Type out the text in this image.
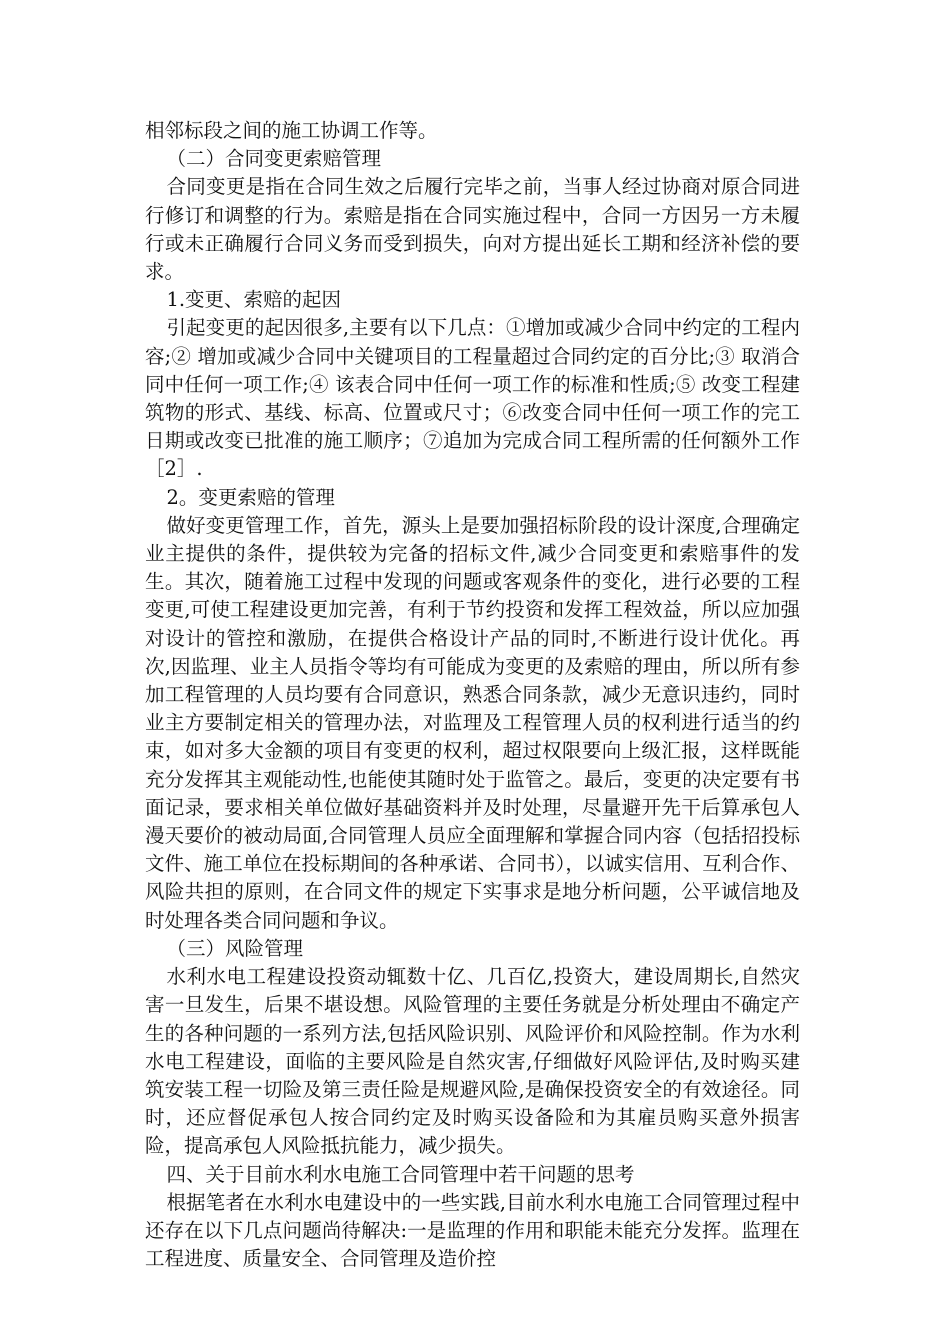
相邻标段之间的施工协调工作等。

（二）合同变更索赔管理

合同变更是指在合同生效之后履行完毕之前，当事人经过协商对原合同进行修订和调整的行为。索赔是指在合同实施过程中，合同一方因另一方未履行或未正确履行合同义务而受到损失，向对方提出延长工期和经济补偿的要求。

1.变更、索赔的起因

引起变更的起因很多,主要有以下几点：①增加或减少合同中约定的工程内容;② 增加或减少合同中关键项目的工程量超过合同约定的百分比;③ 取消合同中任何一项工作;④ 该表合同中任何一项工作的标准和性质;⑤ 改变工程建筑物的形式、基线、标高、位置或尺寸；⑥改变合同中任何一项工作的完工日期或改变已批准的施工顺序；⑦追加为完成合同工程所需的任何额外工作［2］.

2。变更索赔的管理

做好变更管理工作，首先，源头上是要加强招标阶段的设计深度,合理确定业主提供的条件，提供较为完备的招标文件,减少合同变更和索赔事件的发生。其次，随着施工过程中发现的问题或客观条件的变化，进行必要的工程变更,可使工程建设更加完善，有利于节约投资和发挥工程效益，所以应加强对设计的管控和激励，在提供合格设计产品的同时,不断进行设计优化。再次,因监理、业主人员指令等均有可能成为变更的及索赔的理由，所以所有参加工程管理的人员均要有合同意识，熟悉合同条款，减少无意识违约，同时业主方要制定相关的管理办法，对监理及工程管理人员的权利进行适当的约束，如对多大金额的项目有变更的权利，超过权限要向上级汇报，这样既能充分发挥其主观能动性,也能使其随时处于监管之。最后，变更的决定要有书面记录，要求相关单位做好基础资料并及时处理，尽量避开先干后算承包人漫天要价的被动局面,合同管理人员应全面理解和掌握合同内容（包括招投标文件、施工单位在投标期间的各种承诺、合同书），以诚实信用、互利合作、风险共担的原则，在合同文件的规定下实事求是地分析问题，公平诚信地及时处理各类合同问题和争议。

（三）风险管理

水利水电工程建设投资动辄数十亿、几百亿,投资大，建设周期长,自然灾害一旦发生，后果不堪设想。风险管理的主要任务就是分析处理由不确定产生的各种问题的一系列方法,包括风险识别、风险评价和风险控制。作为水利水电工程建设，面临的主要风险是自然灾害,仔细做好风险评估,及时购买建筑安装工程一切险及第三责任险是规避风险,是确保投资安全的有效途径。同时，还应督促承包人按合同约定及时购买设备险和为其雇员购买意外损害险，提高承包人风险抵抗能力，减少损失。

四、关于目前水利水电施工合同管理中若干问题的思考

根据笔者在水利水电建设中的一些实践,目前水利水电施工合同管理过程中还存在以下几点问题尚待解决:一是监理的作用和职能未能充分发挥。监理在工程进度、质量安全、合同管理及造价控
